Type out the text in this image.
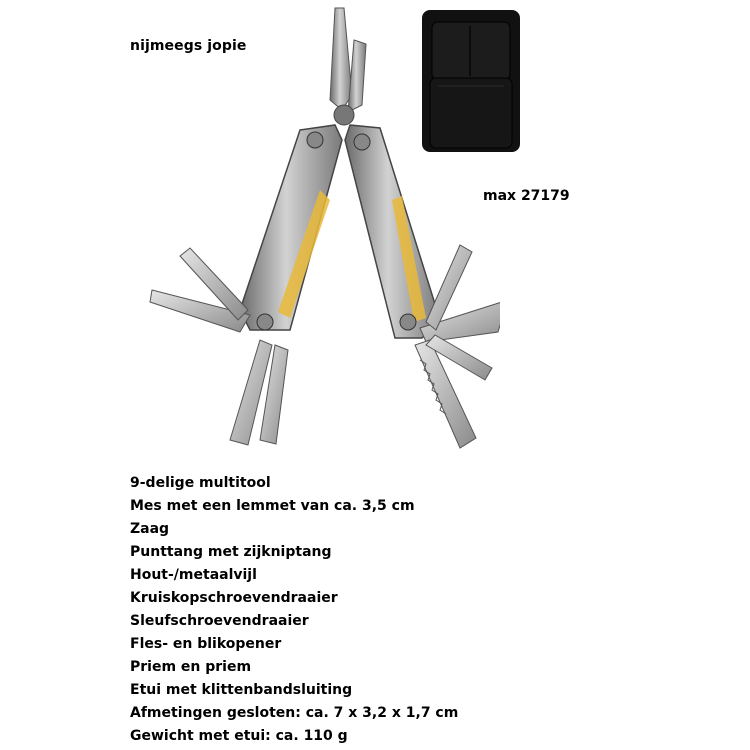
nijmeegs jopie
max 27179
9-delige multitool
Mes met een lemmet van ca. 3,5 cm
Zaag
Punttang met zijkniptang
Hout-/metaalvijl
Kruiskopschroevendraaier
Sleufschroevendraaier
Fles- en blikopener
Priem en priem
Etui met klittenbandsluiting
Afmetingen gesloten: ca. 7 x 3,2 x 1,7 cm
Gewicht met etui: ca. 110 g
